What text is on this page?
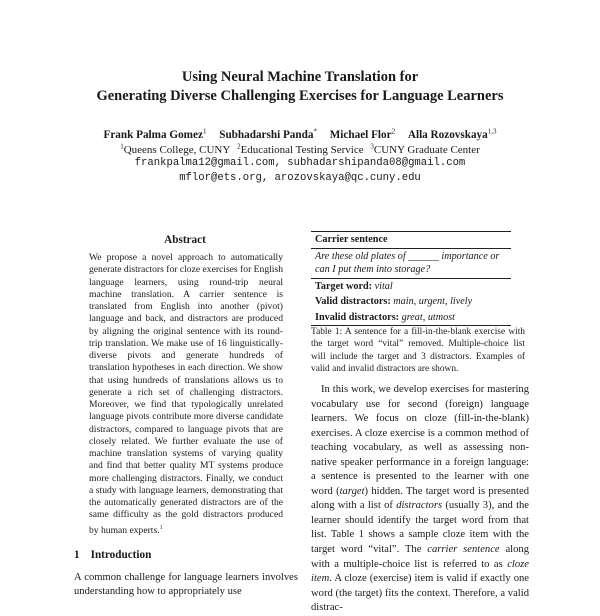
Using Neural Machine Translation for
Generating Diverse Challenging Exercises for Language Learners
Frank Palma Gomez$^1$ Subhadarshi Panda* Michael Flor$^2$ Alla Rozovskaya$^{1,3}$
$^1$Queens College, CUNY $^2$Educational Testing Service $^3$CUNY Graduate Center
frankpalma12@gmail.com, subhadarshipanda08@gmail.com
mflor@ets.org, arozovskaya@qc.cuny.edu
Abstract
We propose a novel approach to automatically generate distractors for cloze exercises for English language learners, using round-trip neural machine translation. A carrier sentence is translated from English into another (pivot) language and back, and distractors are produced by aligning the original sentence with its round-trip translation. We make use of 16 linguistically-diverse pivots and generate hundreds of translation hypotheses in each direction. We show that using hundreds of translations allows us to generate a rich set of challenging distractors. Moreover, we find that typologically unrelated language pivots contribute more diverse candidate distractors, compared to language pivots that are closely related. We further evaluate the use of machine translation systems of varying quality and find that better quality MT systems produce more challenging distractors. Finally, we conduct a study with language learners, demonstrating that the automatically generated distractors are of the same difficulty as the gold distractors produced by human experts.$^1$
1 Introduction
A common challenge for language learners involves understanding how to appropriately use
Carrier sentence
Are these old plates of ______ importance or can I put them into storage?
Target word: vital
Valid distractors: main, urgent, lively
Invalid distractors: great, utmost
Table 1: A sentence for a fill-in-the-blank exercise with the target word “vital” removed. Multiple-choice list will include the target and 3 distractors. Examples of valid and invalid distractors are shown.
In this work, we develop exercises for mastering vocabulary use for second (foreign) language learners. We focus on cloze (fill-in-the-blank) exercises. A cloze exercise is a common method of teaching vocabulary, as well as assessing non-native speaker performance in a foreign language: a sentence is presented to the learner with one word (target) hidden. The target word is presented along with a list of distractors (usually 3), and the learner should identify the target word from that list. Table 1 shows a sample cloze item with the target word “vital”. The carrier sentence along with a multiple-choice list is referred to as cloze item. A cloze (exercise) item is valid if exactly one word (the target) fits the context. Therefore, a valid distrac-
